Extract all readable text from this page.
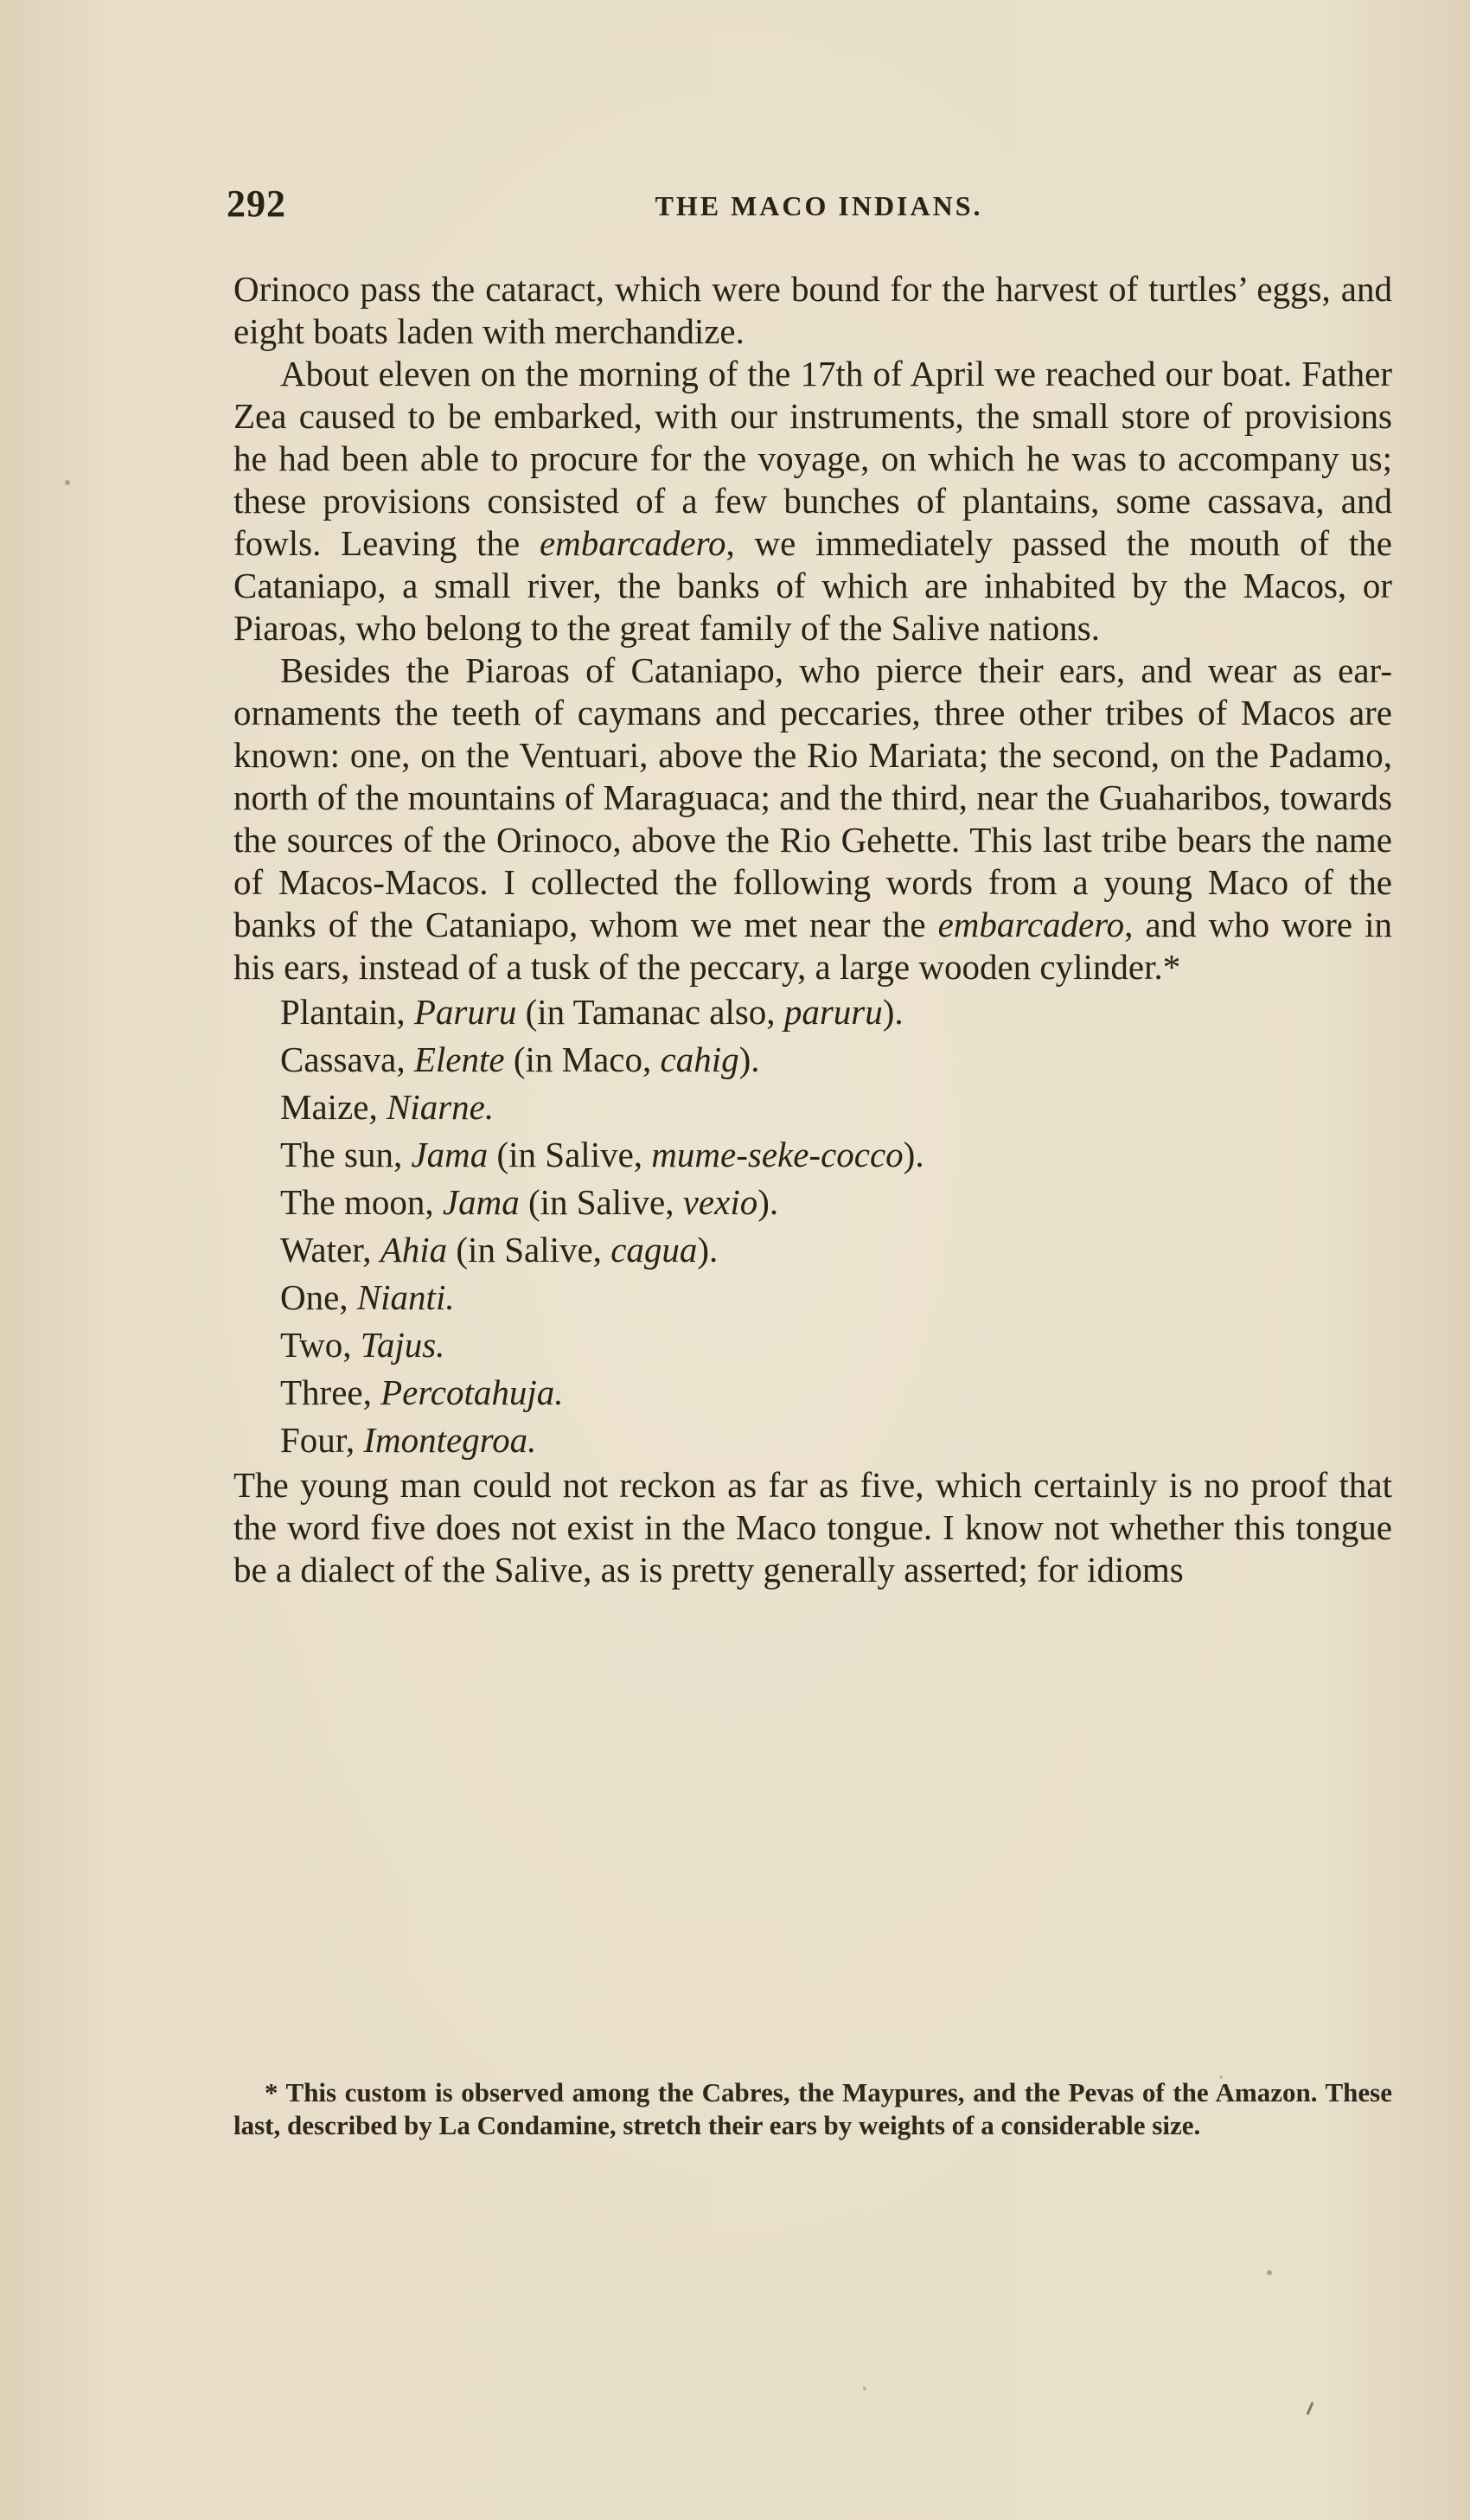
292	THE MACO INDIANS.

Orinoco pass the cataract, which were bound for the harvest of turtles’ eggs, and eight boats laden with merchandize.

About eleven on the morning of the 17th of April we reached our boat. Father Zea caused to be embarked, with our instruments, the small store of provisions he had been able to procure for the voyage, on which he was to accompany us; these provisions consisted of a few bunches of plantains, some cassava, and fowls. Leaving the embarcadero, we immediately passed the mouth of the Cataniapo, a small river, the banks of which are inhabited by the Macos, or Piaroas, who belong to the great family of the Salive nations.

Besides the Piaroas of Cataniapo, who pierce their ears, and wear as ear-ornaments the teeth of caymans and peccaries, three other tribes of Macos are known: one, on the Ventuari, above the Rio Mariata; the second, on the Padamo, north of the mountains of Maraguaca; and the third, near the Guaharibos, towards the sources of the Orinoco, above the Rio Gehette. This last tribe bears the name of Macos-Macos. I collected the following words from a young Maco of the banks of the Cataniapo, whom we met near the embarcadero, and who wore in his ears, instead of a tusk of the peccary, a large wooden cylinder.*

Plantain, Paruru (in Tamanac also, paruru).
Cassava, Elente (in Maco, cahig).
Maize, Niarne.
The sun, Jama (in Salive, mume-seke-cocco).
The moon, Jama (in Salive, vexio).
Water, Ahia (in Salive, cagua).
One, Nianti.
Two, Tajus.
Three, Percotahuja.
Four, Imontegroa.

The young man could not reckon as far as five, which certainly is no proof that the word five does not exist in the Maco tongue. I know not whether this tongue be a dialect of the Salive, as is pretty generally asserted; for idioms

* This custom is observed among the Cabres, the Maypures, and the Pevas of the Amazon. These last, described by La Condamine, stretch their ears by weights of a considerable size.
